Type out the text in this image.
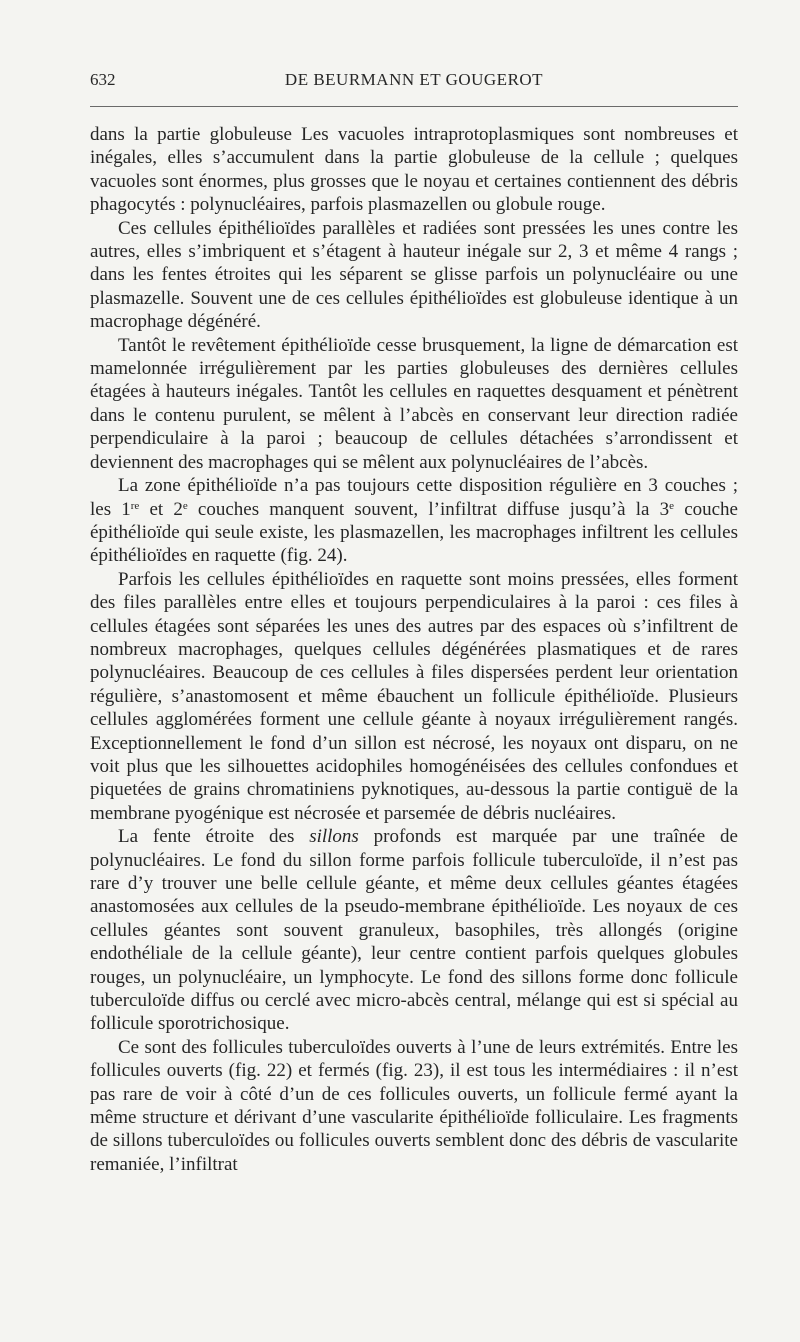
632	DE BEURMANN ET GOUGEROT

dans la partie globuleuse Les vacuoles intraprotoplasmiques sont nombreuses et inégales, elles s’accumulent dans la partie globuleuse de la cellule ; quelques vacuoles sont énormes, plus grosses que le noyau et certaines contiennent des débris phagocytés : polynucléaires, parfois plasmazellen ou globule rouge.

Ces cellules épithélioïdes parallèles et radiées sont pressées les unes contre les autres, elles s’imbriquent et s’étagent à hauteur inégale sur 2, 3 et même 4 rangs ; dans les fentes étroites qui les séparent se glisse parfois un polynucléaire ou une plasmazelle. Souvent une de ces cellules épithélioïdes est globuleuse identique à un macrophage dégénéré.

Tantôt le revêtement épithélioïde cesse brusquement, la ligne de démarcation est mamelonnée irrégulièrement par les parties globuleuses des dernières cellules étagées à hauteurs inégales. Tantôt les cellules en raquettes desquament et pénètrent dans le contenu purulent, se mêlent à l’abcès en conservant leur direction radiée perpendiculaire à la paroi ; beaucoup de cellules détachées s’arrondissent et deviennent des macrophages qui se mêlent aux polynucléaires de l’abcès.

La zone épithélioïde n’a pas toujours cette disposition régulière en 3 couches ; les 1re et 2e couches manquent souvent, l’infiltrat diffuse jusqu’à la 3e couche épithélioïde qui seule existe, les plasmazellen, les macrophages infiltrent les cellules épithélioïdes en raquette (fig. 24).

Parfois les cellules épithélioïdes en raquette sont moins pressées, elles forment des files parallèles entre elles et toujours perpendiculaires à la paroi : ces files à cellules étagées sont séparées les unes des autres par des espaces où s’infiltrent de nombreux macrophages, quelques cellules dégénérées plasmatiques et de rares polynucléaires. Beaucoup de ces cellules à files dispersées perdent leur orientation régulière, s’anastomosent et même ébauchent un follicule épithélioïde. Plusieurs cellules agglomérées forment une cellule géante à noyaux irrégulièrement rangés. Exceptionnellement le fond d’un sillon est nécrosé, les noyaux ont disparu, on ne voit plus que les silhouettes acidophiles homogénéisées des cellules confondues et piquetées de grains chromatiniens pyknotiques, au-dessous la partie contiguë de la membrane pyogénique est nécrosée et parsemée de débris nucléaires.

La fente étroite des sillons profonds est marquée par une traînée de polynucléaires. Le fond du sillon forme parfois follicule tuberculoïde, il n’est pas rare d’y trouver une belle cellule géante, et même deux cellules géantes étagées anastomosées aux cellules de la pseudo-membrane épithélioïde. Les noyaux de ces cellules géantes sont souvent granuleux, basophiles, très allongés (origine endothéliale de la cellule géante), leur centre contient parfois quelques globules rouges, un polynucléaire, un lymphocyte. Le fond des sillons forme donc follicule tuberculoïde diffus ou cerclé avec micro-abcès central, mélange qui est si spécial au follicule sporotrichosique.

Ce sont des follicules tuberculoïdes ouverts à l’une de leurs extrémités. Entre les follicules ouverts (fig. 22) et fermés (fig. 23), il est tous les intermédiaires : il n’est pas rare de voir à côté d’un de ces follicules ouverts, un follicule fermé ayant la même structure et dérivant d’une vascularite épithélioïde folliculaire. Les fragments de sillons tuberculoïdes ou follicules ouverts semblent donc des débris de vascularite remaniée, l’infiltrat
